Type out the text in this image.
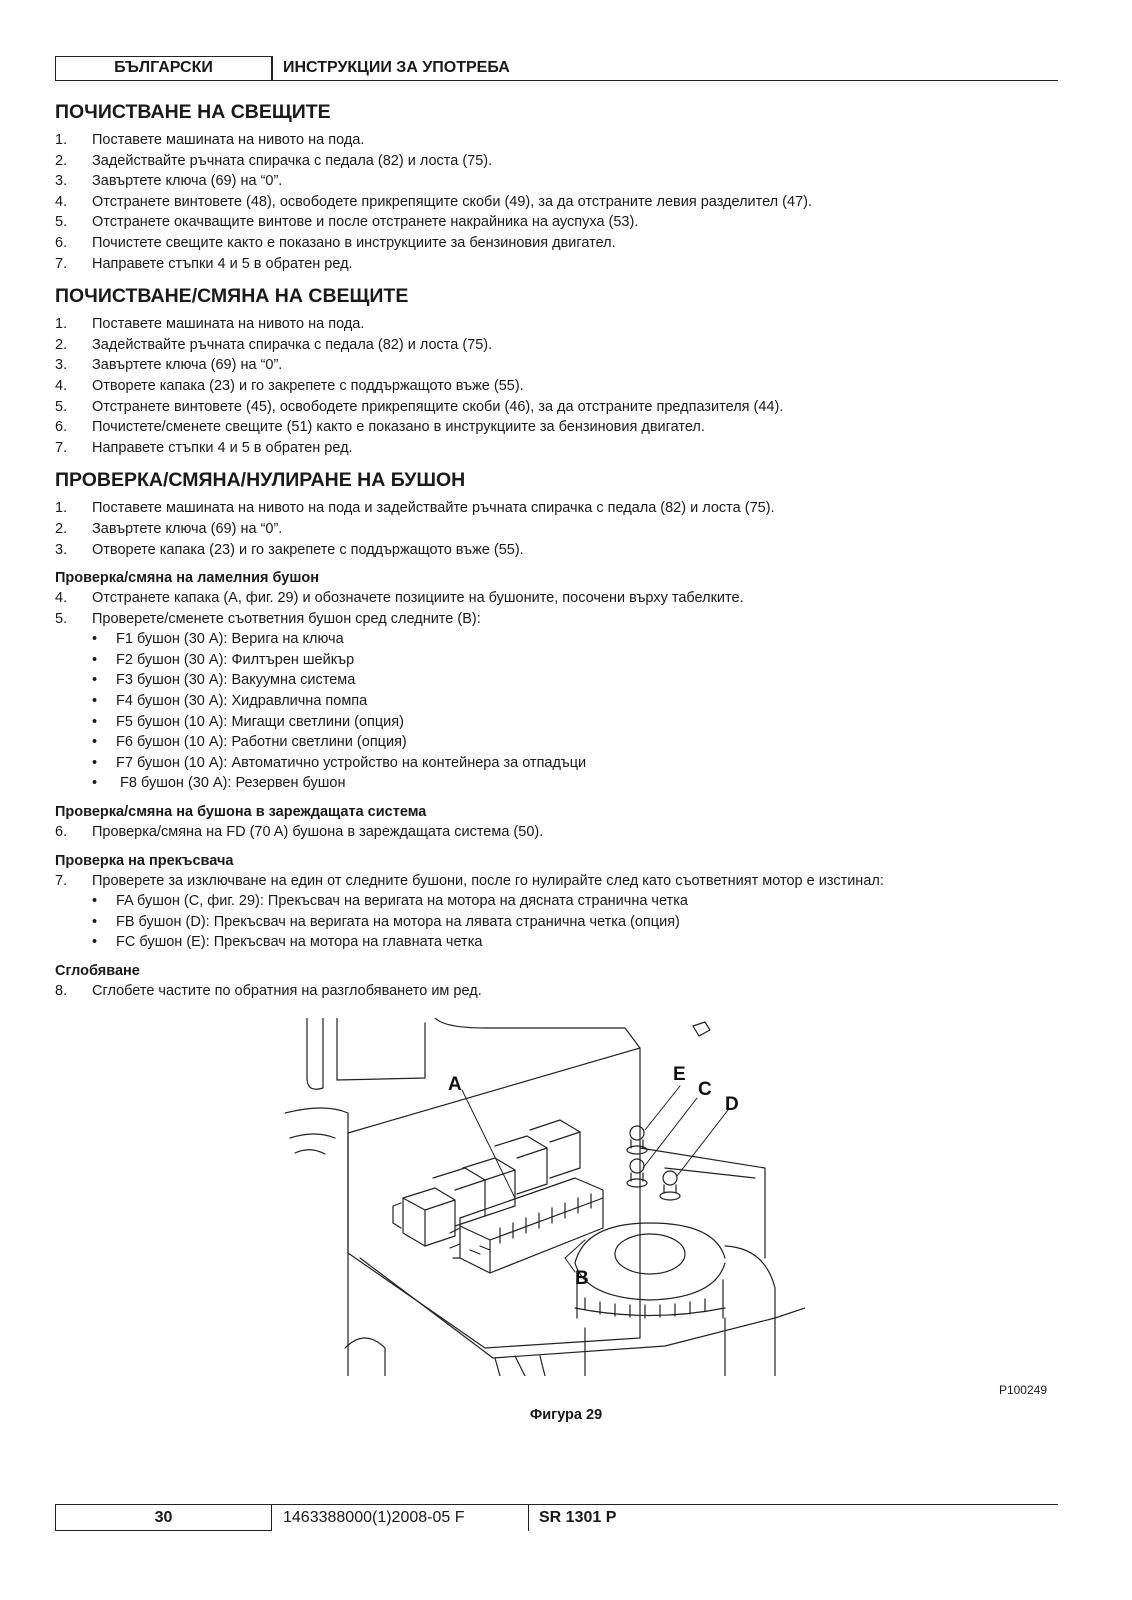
БЪЛГАРСКИ	ИНСТРУКЦИИ ЗА УПОТРЕБА
ПОЧИСТВАНЕ НА СВЕЩИТЕ
1.	Поставете машината на нивото на пода.
2.	Задействайте ръчната спирачка с педала (82) и лоста (75).
3.	Завъртете ключа (69) на “0”.
4.	Отстранете винтовете (48), освободете прикрепящите скоби (49), за да отстраните левия разделител (47).
5.	Отстранете окачващите винтове и после отстранете накрайника на ауспуха (53).
6.	Почистете свещите както е показано в инструкциите за бензиновия двигател.
7.	Направете стъпки 4 и 5 в обратен ред.
ПОЧИСТВАНЕ/СМЯНА НА СВЕЩИТЕ
1.	Поставете машината на нивото на пода.
2.	Задействайте ръчната спирачка с педала (82) и лоста (75).
3.	Завъртете ключа (69) на “0”.
4.	Отворете капака (23) и го закрепете с поддържащото въже (55).
5.	Отстранете винтовете (45), освободете прикрепящите скоби (46), за да отстраните предпазителя (44).
6.	Почистете/сменете свещите (51) както е показано в инструкциите за бензиновия двигател.
7.	Направете стъпки 4 и 5 в обратен ред.
ПРОВЕРКА/СМЯНА/НУЛИРАНЕ НА БУШОН
1.	Поставете машината на нивото на пода и задействайте ръчната спирачка с педала (82) и лоста (75).
2.	Завъртете ключа (69) на “0”.
3.	Отворете капака (23) и го закрепете с поддържащото въже (55).
Проверка/смяна на ламелния бушон
4.	Отстранете капака (A, фиг. 29) и обозначете позициите на бушоните, посочени върху табелките.
5.	Проверете/сменете съответния бушон сред следните (B):
•	F1 бушон (30 A): Верига на ключа
•	F2 бушон (30 A): Филтърен шейкър
•	F3 бушон (30 A): Вакуумна система
•	F4 бушон (30 A): Хидравлична помпа
•	F5 бушон (10 A): Мигащи светлини (опция)
•	F6 бушон (10 A): Работни светлини (опция)
•	F7 бушон (10 A): Автоматично устройство на контейнера за отпадъци
•	F8 бушон (30 A): Резервен бушон
Проверка/смяна на бушона в зареждащата система
6.	Проверка/смяна на FD (70 A) бушона в зареждащата система (50).
Проверка на прекъсвача
7.	Проверете за изключване на един от следните бушони, после го нулирайте след като съответният мотор е изстинал:
•	FA бушон (C, фиг. 29): Прекъсвач на веригата на мотора на дясната странична четка
•	FB бушон (D): Прекъсвач на веригата на мотора на лявата странична четка (опция)
•	FC бушон (E): Прекъсвач на мотора на главната четка
Сглобяване
8.	Сглобете частите по обратния на разглобяването им ред.
A	E
C
D
B
P100249
Фигура 29
30	1463388000(1)2008-05 F	SR 1301 P
